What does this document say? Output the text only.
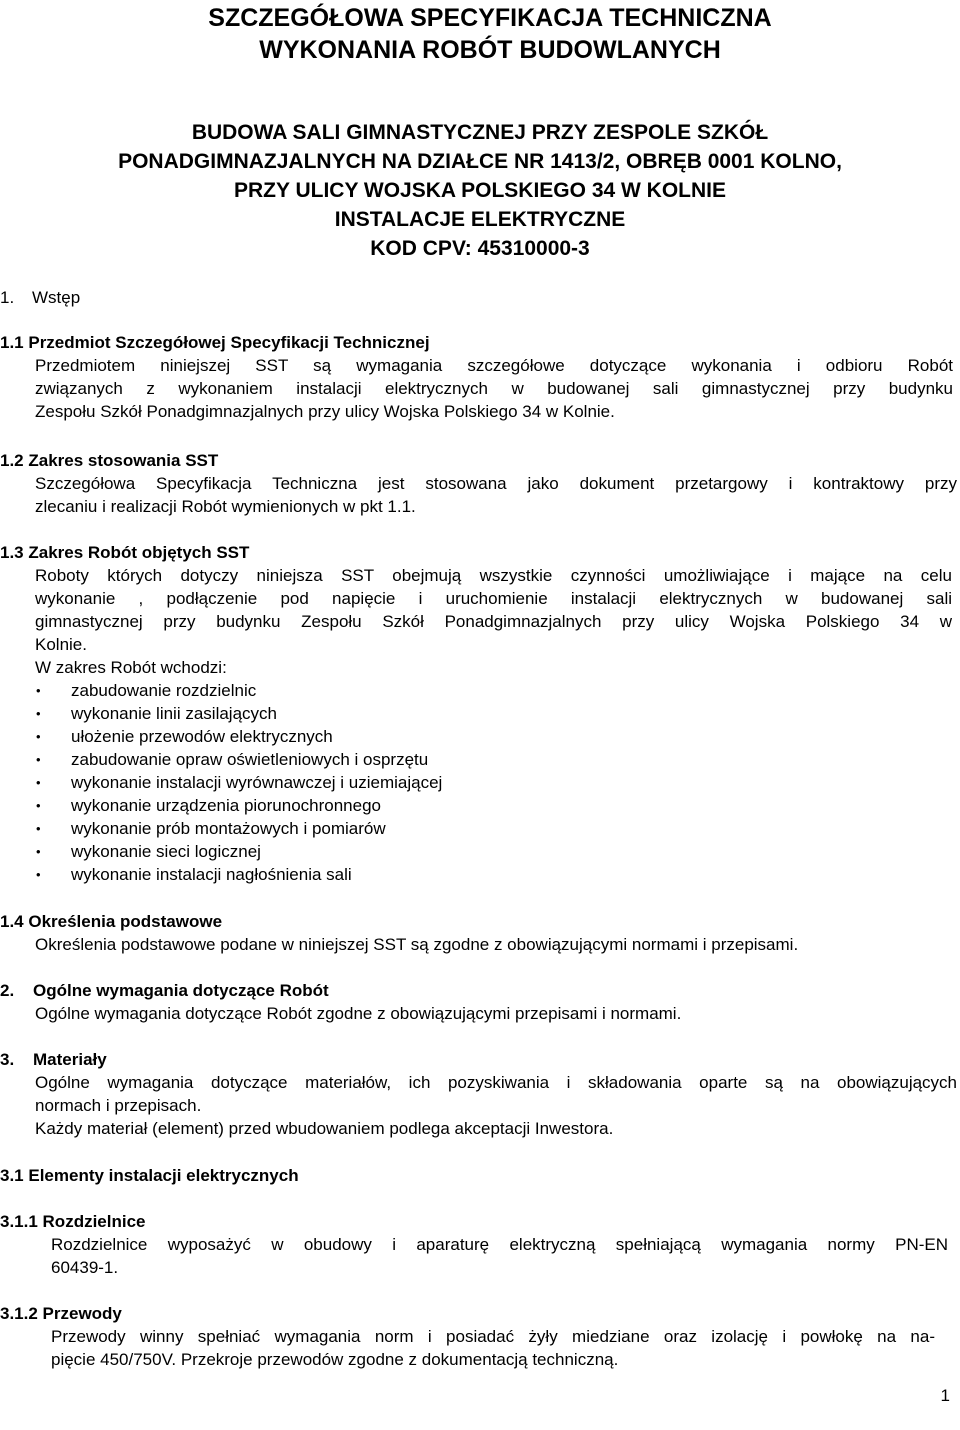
SZCZEGÓŁOWA SPECYFIKACJA TECHNICZNA
WYKONANIA ROBÓT BUDOWLANYCH
BUDOWA SALI GIMNASTYCZNEJ PRZY ZESPOLE SZKÓŁ
PONADGIMNAZJALNYCH NA DZIAŁCE NR 1413/2, OBRĘB 0001 KOLNO,
PRZY ULICY WOJSKA POLSKIEGO 34 W KOLNIE
INSTALACJE ELEKTRYCZNE
KOD CPV: 45310000-3
1. Wstęp
1.1 Przedmiot Szczegółowej Specyfikacji Technicznej
Przedmiotem niniejszej SST są wymagania szczegółowe dotyczące wykonania i odbioru Robót
związanych z wykonaniem instalacji elektrycznych w budowanej sali gimnastycznej przy budynku
Zespołu Szkół Ponadgimnazjalnych przy ulicy Wojska Polskiego 34 w Kolnie.
1.2 Zakres stosowania SST
Szczegółowa Specyfikacja Techniczna jest stosowana jako dokument przetargowy i kontraktowy przy
zlecaniu i realizacji Robót wymienionych w pkt 1.1.
1.3 Zakres Robót objętych SST
Roboty których dotyczy niniejsza SST obejmują wszystkie czynności umożliwiające i mające na celu
wykonanie , podłączenie pod napięcie i uruchomienie instalacji elektrycznych w budowanej sali
gimnastycznej przy budynku Zespołu Szkół Ponadgimnazjalnych przy ulicy Wojska Polskiego 34 w
Kolnie.
W zakres Robót wchodzi:
• zabudowanie rozdzielnic
• wykonanie linii zasilających
• ułożenie przewodów elektrycznych
• zabudowanie opraw oświetleniowych i osprzętu
• wykonanie instalacji wyrównawczej i uziemiającej
• wykonanie urządzenia piorunochronnego
• wykonanie prób montażowych i pomiarów
• wykonanie sieci logicznej
• wykonanie instalacji nagłośnienia sali
1.4 Określenia podstawowe
Określenia podstawowe podane w niniejszej SST są zgodne z obowiązującymi normami i przepisami.
2. Ogólne wymagania dotyczące Robót
Ogólne wymagania dotyczące Robót zgodne z obowiązującymi przepisami i normami.
3. Materiały
Ogólne wymagania dotyczące materiałów, ich pozyskiwania i składowania oparte są na obowiązujących
normach i przepisach.
Każdy materiał (element) przed wbudowaniem podlega akceptacji Inwestora.
3.1 Elementy instalacji elektrycznych
3.1.1 Rozdzielnice
Rozdzielnice wyposażyć w obudowy i aparaturę elektryczną spełniającą wymagania normy PN-EN
60439-1.
3.1.2 Przewody
Przewody winny spełniać wymagania norm i posiadać żyły miedziane oraz izolację i powłokę na na-
pięcie 450/750V. Przekroje przewodów zgodne z dokumentacją techniczną.
1
